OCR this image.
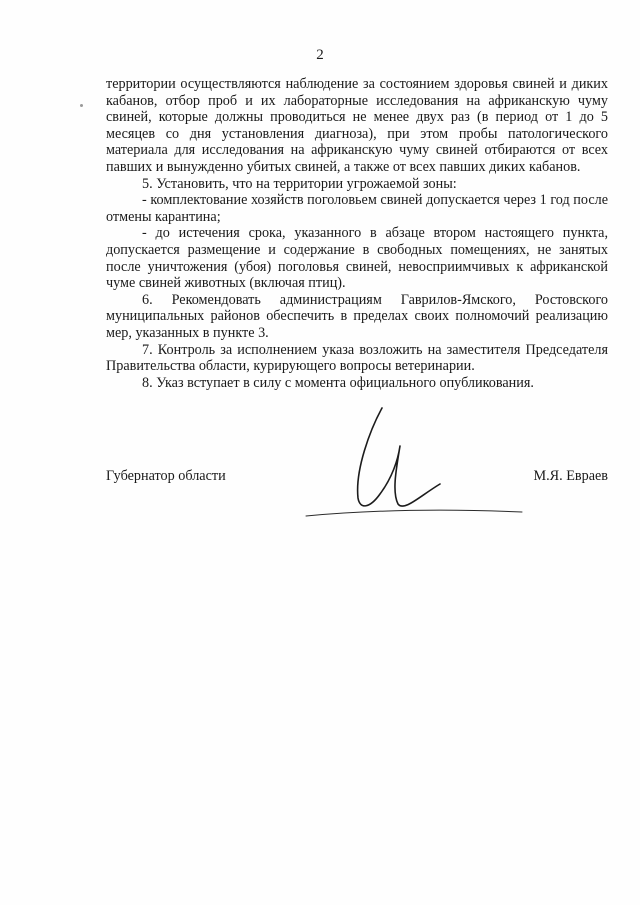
2

территории осуществляются наблюдение за состоянием здоровья свиней и диких кабанов, отбор проб и их лабораторные исследования на африканскую чуму свиней, которые должны проводиться не менее двух раз (в период от 1 до 5 месяцев со дня установления диагноза), при этом пробы патологического материала для исследования на африканскую чуму свиней отбираются от всех павших и вынужденно убитых свиней, а также от всех павших диких кабанов.

5. Установить, что на территории угрожаемой зоны:

- комплектование хозяйств поголовьем свиней допускается через 1 год после отмены карантина;

- до истечения срока, указанного в абзаце втором настоящего пункта, допускается размещение и содержание в свободных помещениях, не занятых после уничтожения (убоя) поголовья свиней, невосприимчивых к африканской чуме свиней животных (включая птиц).

6. Рекомендовать администрациям Гаврилов-Ямского, Ростовского муниципальных районов обеспечить в пределах своих полномочий реализацию мер, указанных в пункте 3.

7. Контроль за исполнением указа возложить на заместителя Председателя Правительства области, курирующего вопросы ветеринарии.

8. Указ вступает в силу с момента официального опубликования.

Губернатор области	М.Я. Евраев
